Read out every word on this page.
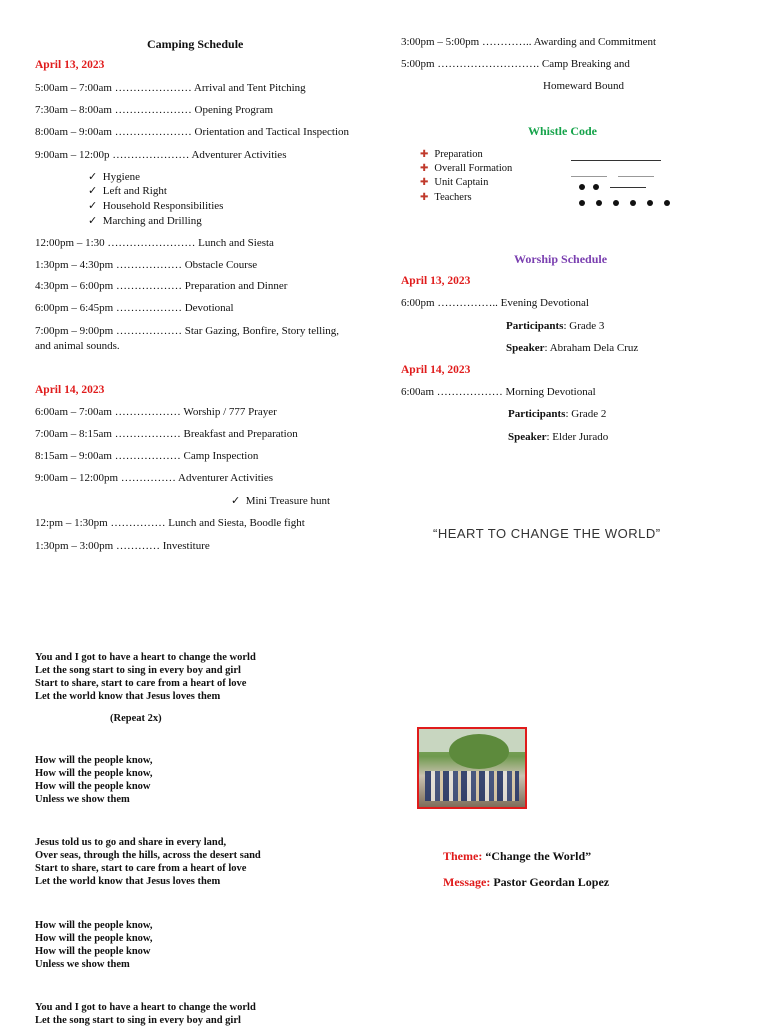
Camping Schedule
April 13, 2023
5:00am – 7:00am ………………… Arrival and Tent Pitching
7:30am – 8:00am ………………… Opening Program
8:00am – 9:00am ………………… Orientation and Tactical Inspection
9:00am – 12:00p ………………… Adventurer Activities
✓ Hygiene
✓ Left and Right
✓ Household Responsibilities
✓ Marching and Drilling
12:00pm – 1:30 …………………… Lunch and Siesta
1:30pm – 4:30pm ……………… Obstacle Course
4:30pm – 6:00pm ……………… Preparation and Dinner
6:00pm – 6:45pm ……………… Devotional
7:00pm – 9:00pm ……………… Star Gazing, Bonfire, Story telling,
and animal sounds.
April 14, 2023
6:00am – 7:00am ……………… Worship / 777 Prayer
7:00am – 8:15am ……………… Breakfast and Preparation
8:15am – 9:00am ……………… Camp Inspection
9:00am – 12:00pm …………… Adventurer Activities
✓ Mini Treasure hunt
12:pm – 1:30pm …………… Lunch and Siesta, Boodle fight
1:30pm – 3:00pm ………… Investiture
You and I got to have a heart to change the world
Let the song start to sing in every boy and girl
Start to share, start to care from a heart of love
Let the world know that Jesus loves them
(Repeat 2x)
How will the people know,
How will the people know,
How will the people know
Unless we show them
Jesus told us to go and share in every land,
Over seas, through the hills, across the desert sand
Start to share, start to care from a heart of love
Let the world know that Jesus loves them
How will the people know,
How will the people know,
How will the people know
Unless we show them
You and I got to have a heart to change the world
Let the song start to sing in every boy and girl
3:00pm – 5:00pm ………….. Awarding and Commitment
5:00pm ………………………. Camp Breaking and
Homeward Bound
Whistle Code
✚ Preparation
✚ Overall Formation
✚ Unit Captain
✚ Teachers

Worship Schedule
April 13, 2023
6:00pm …………….. Evening Devotional
Participants: Grade 3
Speaker: Abraham Dela Cruz
April 14, 2023
6:00am ……………… Morning Devotional
Participants: Grade 2
Speaker: Elder Jurado
“HEART TO CHANGE THE WORLD”
Theme: “Change the World”
Message: Pastor Geordan Lopez
